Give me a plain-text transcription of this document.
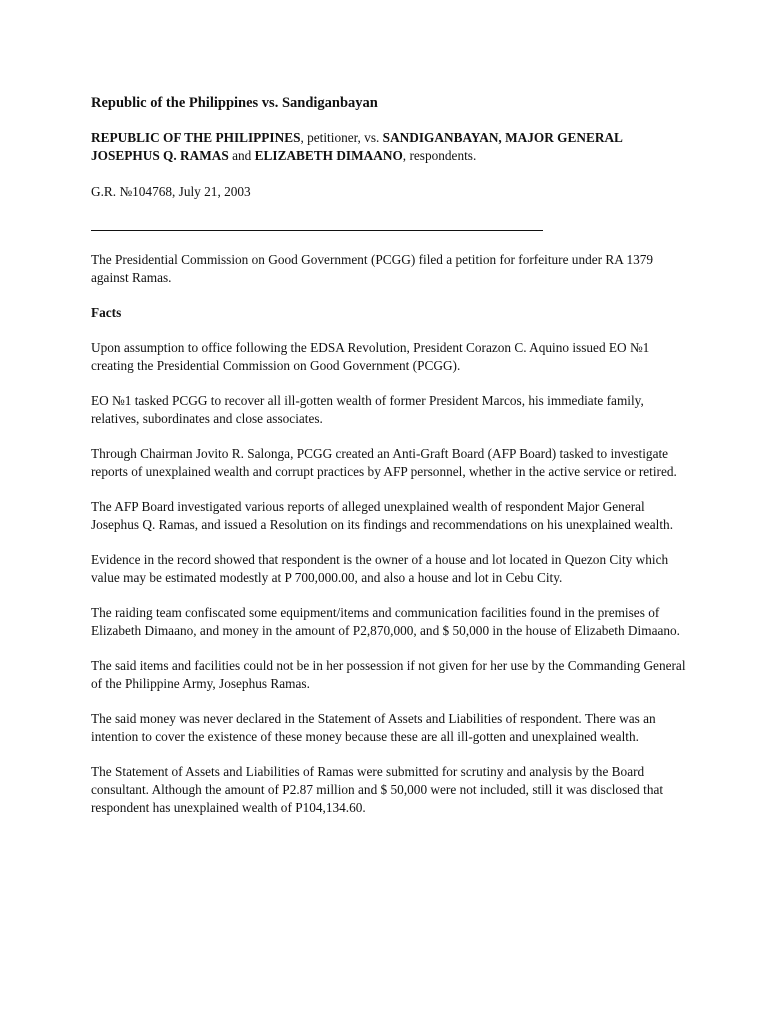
Republic of the Philippines vs. Sandiganbayan

REPUBLIC OF THE PHILIPPINES, petitioner, vs. SANDIGANBAYAN, MAJOR GENERAL JOSEPHUS Q. RAMAS and ELIZABETH DIMAANO, respondents.

G.R. №104768, July 21, 2003

The Presidential Commission on Good Government (PCGG) filed a petition for forfeiture under RA 1379 against Ramas.

Facts

Upon assumption to office following the EDSA Revolution, President Corazon C. Aquino issued EO №1 creating the Presidential Commission on Good Government (PCGG).

EO №1 tasked PCGG to recover all ill-gotten wealth of former President Marcos, his immediate family, relatives, subordinates and close associates.

Through Chairman Jovito R. Salonga, PCGG created an Anti-Graft Board (AFP Board) tasked to investigate reports of unexplained wealth and corrupt practices by AFP personnel, whether in the active service or retired.

The AFP Board investigated various reports of alleged unexplained wealth of respondent Major General Josephus Q. Ramas, and issued a Resolution on its findings and recommendations on his unexplained wealth.

Evidence in the record showed that respondent is the owner of a house and lot located in Quezon City which value may be estimated modestly at P 700,000.00, and also a house and lot in Cebu City.

The raiding team confiscated some equipment/items and communication facilities found in the premises of Elizabeth Dimaano, and money in the amount of P2,870,000, and $ 50,000 in the house of Elizabeth Dimaano.

The said items and facilities could not be in her possession if not given for her use by the Commanding General of the Philippine Army, Josephus Ramas.

The said money was never declared in the Statement of Assets and Liabilities of respondent. There was an intention to cover the existence of these money because these are all ill-gotten and unexplained wealth.

The Statement of Assets and Liabilities of Ramas were submitted for scrutiny and analysis by the Board consultant. Although the amount of P2.87 million and $ 50,000 were not included, still it was disclosed that respondent has unexplained wealth of P104,134.60.
